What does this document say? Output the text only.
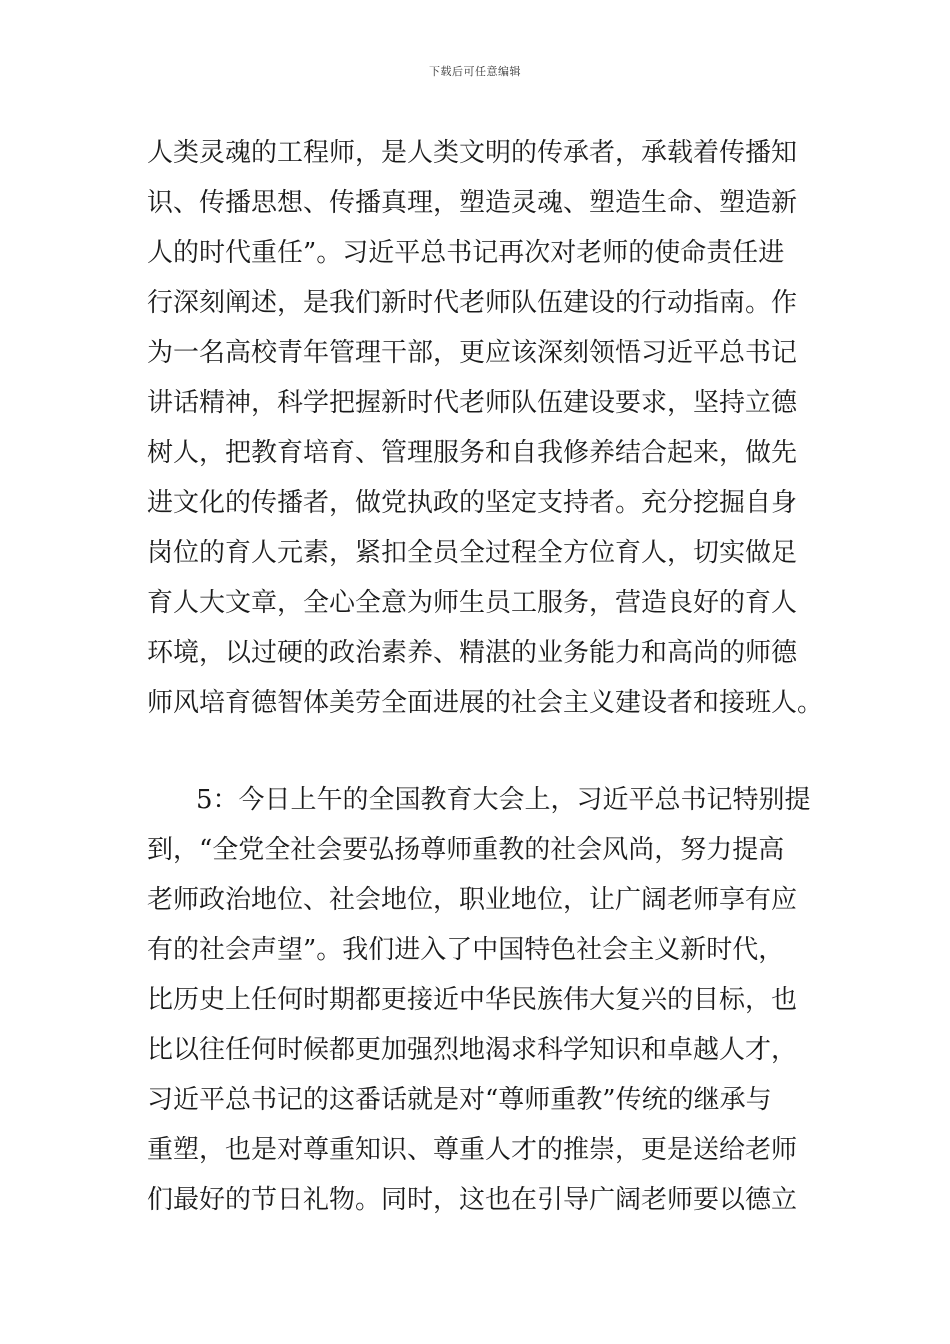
下载后可任意编辑
人类灵魂的工程师，是人类文明的传承者，承载着传播知
识、传播思想、传播真理，塑造灵魂、塑造生命、塑造新
人的时代重任”。习近平总书记再次对老师的使命责任进
行深刻阐述，是我们新时代老师队伍建设的行动指南。作
为一名高校青年管理干部，更应该深刻领悟习近平总书记
讲话精神，科学把握新时代老师队伍建设要求，坚持立德
树人，把教育培育、管理服务和自我修养结合起来，做先
进文化的传播者，做党执政的坚定支持者。充分挖掘自身
岗位的育人元素，紧扣全员全过程全方位育人，切实做足
育人大文章，全心全意为师生员工服务，营造良好的育人
环境，以过硬的政治素养、精湛的业务能力和高尚的师德
师风培育德智体美劳全面进展的社会主义建设者和接班人。
5：今日上午的全国教育大会上，习近平总书记特别提
到，“全党全社会要弘扬尊师重教的社会风尚，努力提高
老师政治地位、社会地位，职业地位，让广阔老师享有应
有的社会声望”。我们进入了中国特色社会主义新时代，
比历史上任何时期都更接近中华民族伟大复兴的目标，也
比以往任何时候都更加强烈地渴求科学知识和卓越人才，
习近平总书记的这番话就是对“尊师重教”传统的继承与
重塑，也是对尊重知识、尊重人才的推崇，更是送给老师
们最好的节日礼物。同时，这也在引导广阔老师要以德立
